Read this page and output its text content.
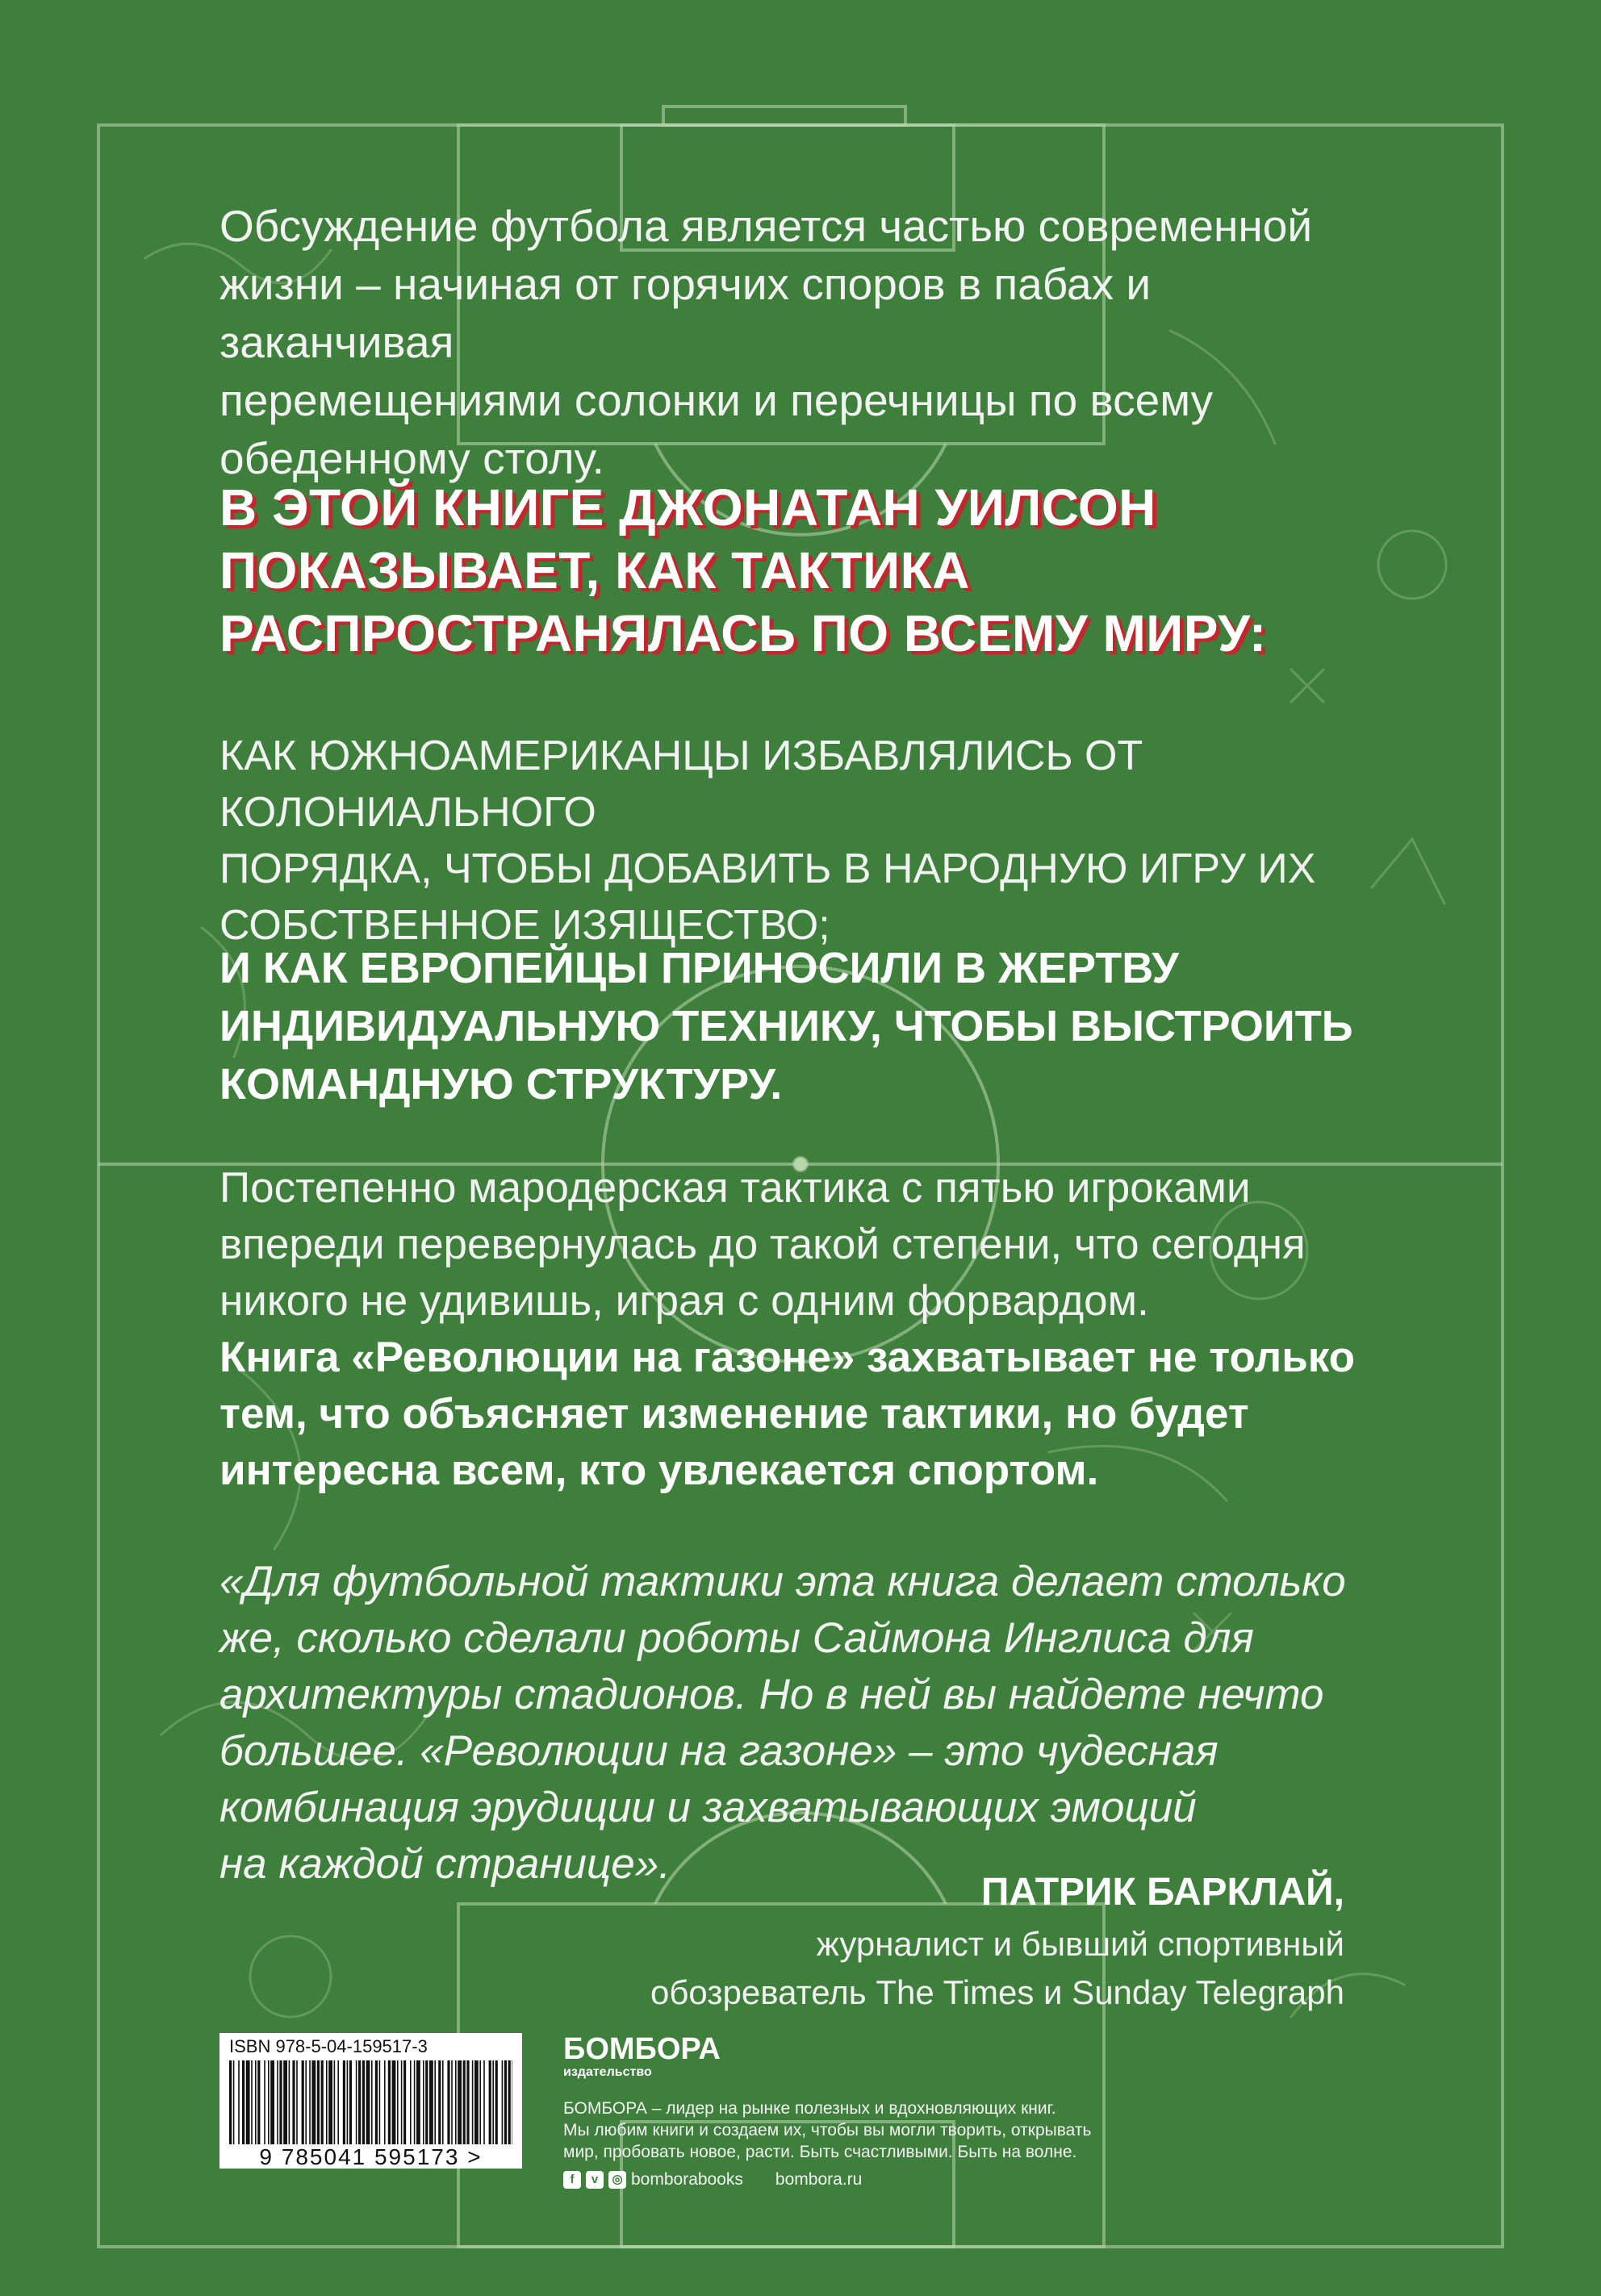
Обсуждение футбола является частью современной
жизни – начиная от горячих споров в пабах и заканчивая
перемещениями солонки и перечницы по всему
обеденному столу.
В ЭТОЙ КНИГЕ ДЖОНАТАН УИЛСОН
ПОКАЗЫВАЕТ, КАК ТАКТИКА
РАСПРОСТРАНЯЛАСЬ ПО ВСЕМУ МИРУ:
КАК ЮЖНОАМЕРИКАНЦЫ ИЗБАВЛЯЛИСЬ ОТ КОЛОНИАЛЬНОГО
ПОРЯДКА, ЧТОБЫ ДОБАВИТЬ В НАРОДНУЮ ИГРУ ИХ
СОБСТВЕННОЕ ИЗЯЩЕСТВО;
И КАК ЕВРОПЕЙЦЫ ПРИНОСИЛИ В ЖЕРТВУ
ИНДИВИДУАЛЬНУЮ ТЕХНИКУ, ЧТОБЫ ВЫСТРОИТЬ
КОМАНДНУЮ СТРУКТУРУ.
Постепенно мародерская тактика с пятью игроками
впереди перевернулась до такой степени, что сегодня
никого не удивишь, играя с одним форвардом.
Книга «Революции на газоне» захватывает не только
тем, что объясняет изменение тактики, но будет
интересна всем, кто увлекается спортом.
«Для футбольной тактики эта книга делает столько
же, сколько сделали роботы Саймона Инглиса для
архитектуры стадионов. Но в ней вы найдете нечто
большее. «Революции на газоне» – это чудесная
комбинация эрудиции и захватывающих эмоций
на каждой странице».
ПАТРИК БАРКЛАЙ,
журналист и бывший спортивный
обозреватель The Times и Sunday Telegraph
ISBN 978-5-04-159517-3
9 785041 595173 >
БОМБОРА
издательство
БОМБОРА – лидер на рынке полезных и вдохновляющих книг.
Мы любим книги и создаем их, чтобы вы могли творить, открывать
мир, пробовать новое, расти. Быть счастливыми. Быть на волне.
f	v	◎ bomborabooks bombora.ru
